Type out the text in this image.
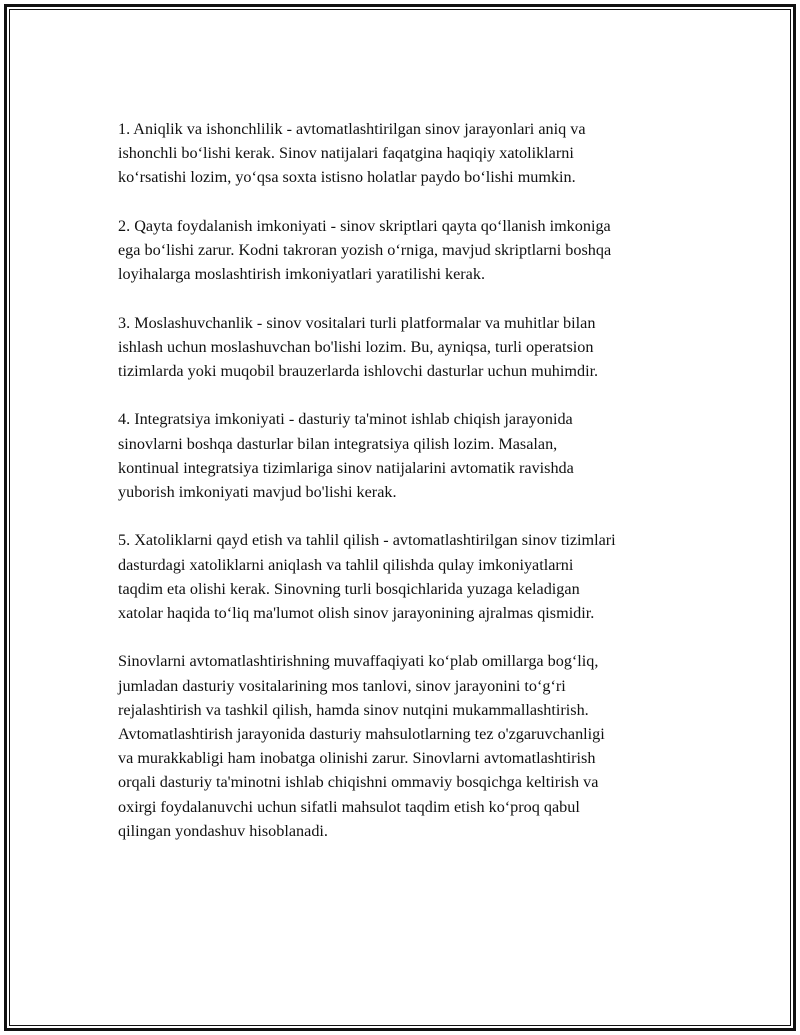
1. Aniqlik va ishonchlilik - avtomatlashtirilgan sinov jarayonlari aniq va
ishonchli bo‘lishi kerak. Sinov natijalari faqatgina haqiqiy xatoliklarni
ko‘rsatishi lozim, yo‘qsa soxta istisno holatlar paydo bo‘lishi mumkin.

2. Qayta foydalanish imkoniyati - sinov skriptlari qayta qo‘llanish imkoniga
ega bo‘lishi zarur. Kodni takroran yozish o‘rniga, mavjud skriptlarni boshqa
loyihalarga moslashtirish imkoniyatlari yaratilishi kerak.

3. Moslashuvchanlik - sinov vositalari turli platformalar va muhitlar bilan
ishlash uchun moslashuvchan bo'lishi lozim. Bu, ayniqsa, turli operatsion
tizimlarda yoki muqobil brauzerlarda ishlovchi dasturlar uchun muhimdir.

4. Integratsiya imkoniyati - dasturiy ta'minot ishlab chiqish jarayonida
sinovlarni boshqa dasturlar bilan integratsiya qilish lozim. Masalan,
kontinual integratsiya tizimlariga sinov natijalarini avtomatik ravishda
yuborish imkoniyati mavjud bo'lishi kerak.

5. Xatoliklarni qayd etish va tahlil qilish - avtomatlashtirilgan sinov tizimlari
dasturdagi xatoliklarni aniqlash va tahlil qilishda qulay imkoniyatlarni
taqdim eta olishi kerak. Sinovning turli bosqichlarida yuzaga keladigan
xatolar haqida to‘liq ma'lumot olish sinov jarayonining ajralmas qismidir.

Sinovlarni avtomatlashtirishning muvaffaqiyati ko‘plab omillarga bog‘liq,
jumladan dasturiy vositalarining mos tanlovi, sinov jarayonini to‘g‘ri
rejalashtirish va tashkil qilish, hamda sinov nutqini mukammallashtirish.
Avtomatlashtirish jarayonida dasturiy mahsulotlarning tez o'zgaruvchanligi
va murakkabligi ham inobatga olinishi zarur. Sinovlarni avtomatlashtirish
orqali dasturiy ta'minotni ishlab chiqishni ommaviy bosqichga keltirish va
oxirgi foydalanuvchi uchun sifatli mahsulot taqdim etish ko‘proq qabul
qilingan yondashuv hisoblanadi.
